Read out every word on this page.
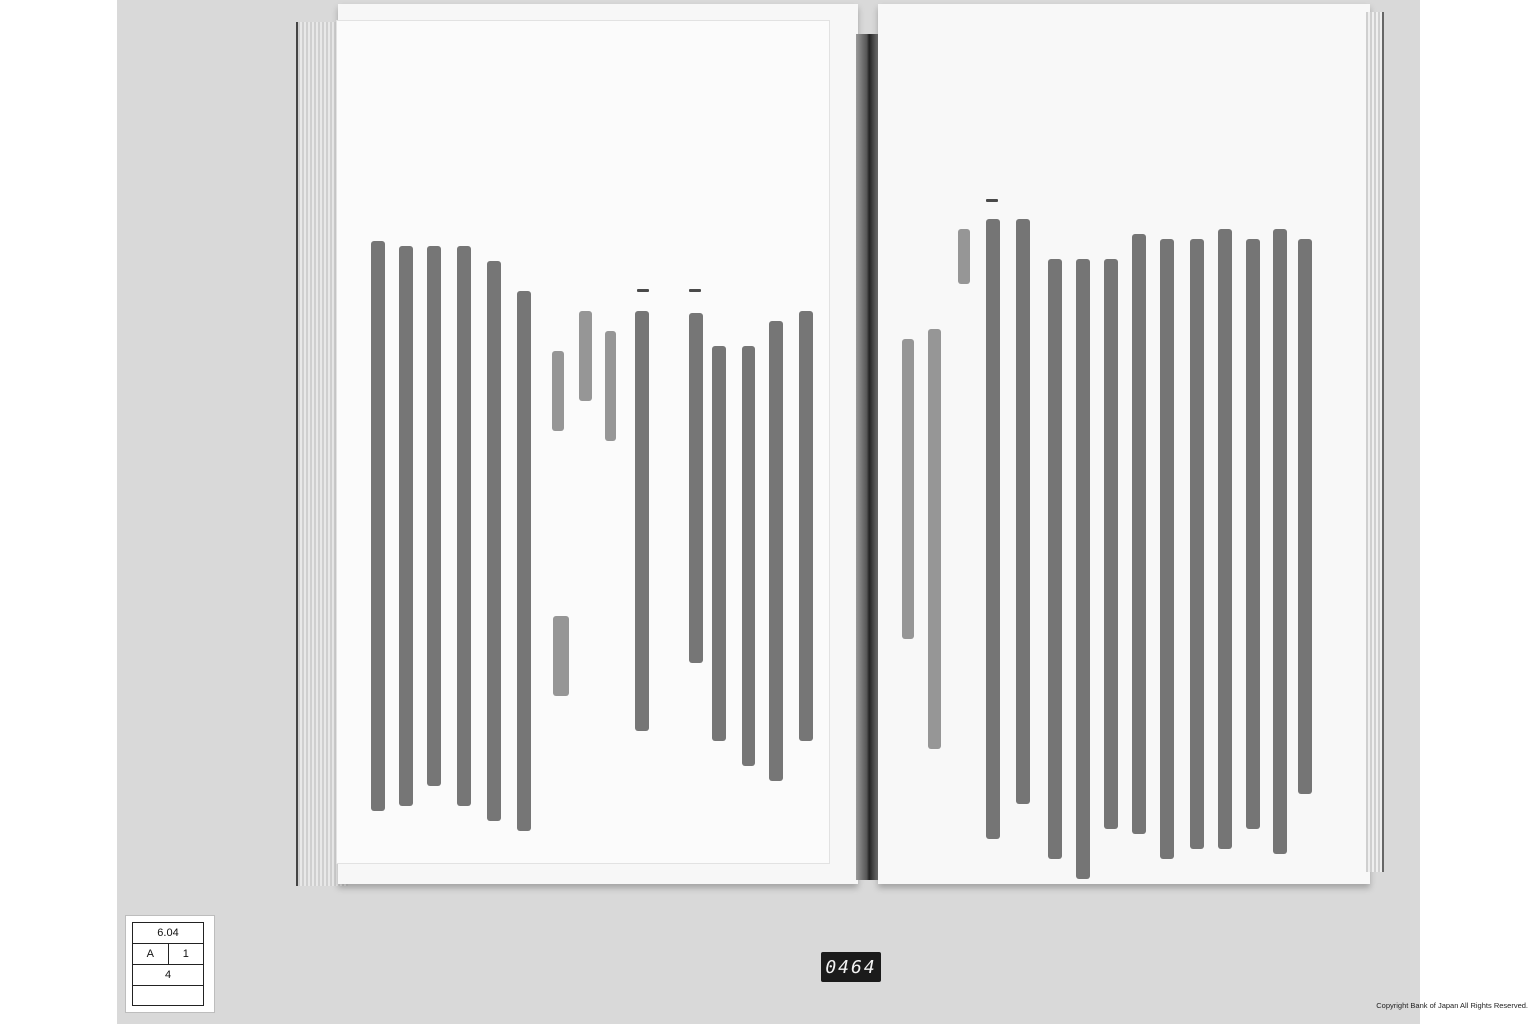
6.04
A	1
4	0464
Copyright Bank of Japan All Rights Reserved.
